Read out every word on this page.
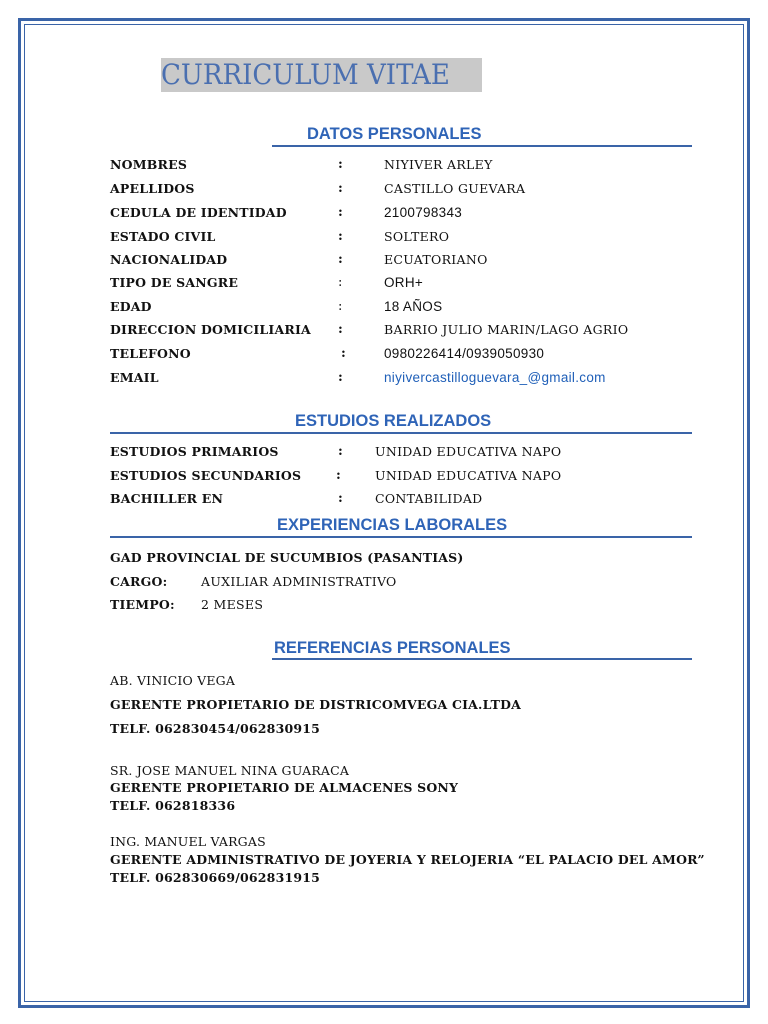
CURRICULUM VITAE
DATOS PERSONALES
NOMBRES	:	NIYIVER ARLEY
APELLIDOS	:	CASTILLO GUEVARA
CEDULA DE IDENTIDAD	:	2100798343
ESTADO CIVIL	:	SOLTERO
NACIONALIDAD	:	ECUATORIANO
TIPO DE SANGRE	:	ORH+
EDAD	:	18 AÑOS
DIRECCION DOMICILIARIA :	BARRIO JULIO MARIN/LAGO AGRIO
TELEFONO	:	0980226414/0939050930
EMAIL	:	niyivercastilloguevara_@gmail.com
ESTUDIOS REALIZADOS
ESTUDIOS PRIMARIOS	:	UNIDAD EDUCATIVA NAPO
ESTUDIOS SECUNDARIOS	:	UNIDAD EDUCATIVA NAPO
BACHILLER EN	:	CONTABILIDAD
EXPERIENCIAS LABORALES
GAD PROVINCIAL DE SUCUMBIOS (PASANTIAS)
CARGO:	AUXILIAR ADMINISTRATIVO
TIEMPO: 2 MESES
REFERENCIAS PERSONALES
AB. VINICIO VEGA
GERENTE PROPIETARIO DE DISTRICOMVEGA CIA.LTDA
TELF. 062830454/062830915
SR. JOSE MANUEL NINA GUARACA
GERENTE PROPIETARIO DE ALMACENES SONY
TELF. 062818336
ING. MANUEL VARGAS
GERENTE ADMINISTRATIVO DE JOYERIA Y RELOJERIA “EL PALACIO DEL AMOR”
TELF. 062830669/062831915
